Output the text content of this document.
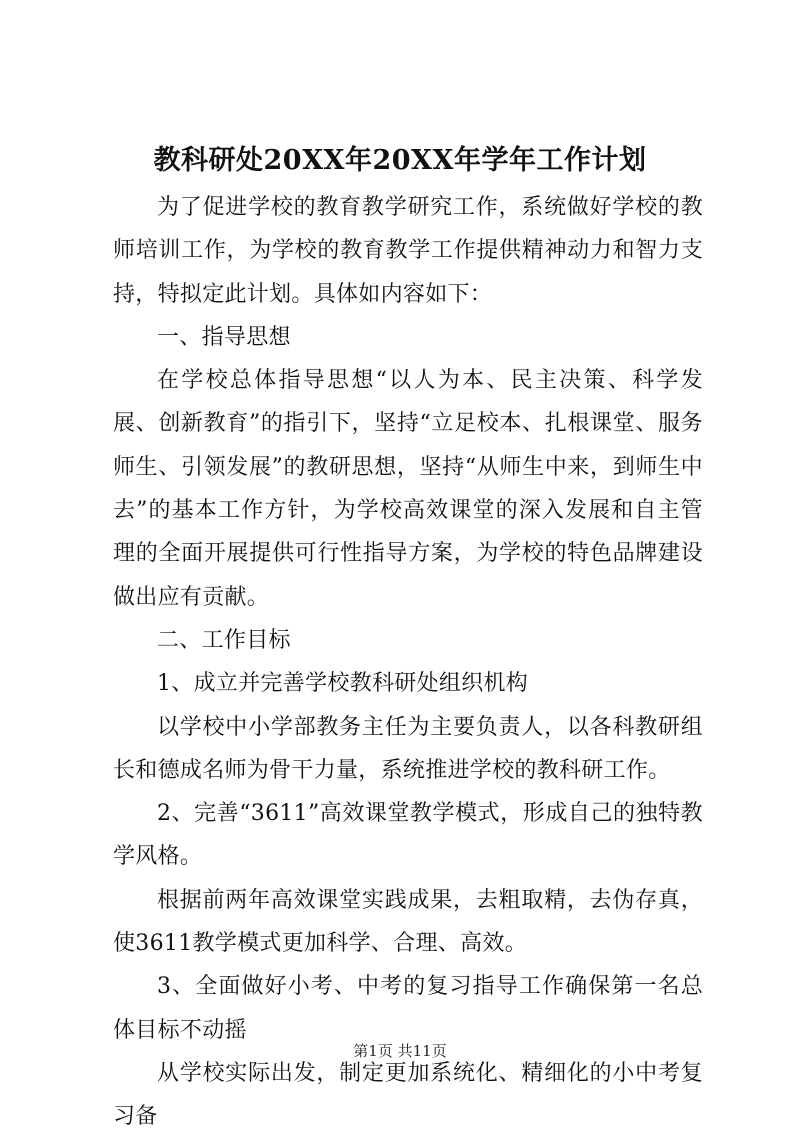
教科研处20XX年20XX年学年工作计划

为了促进学校的教育教学研究工作，系统做好学校的教师培训工作，为学校的教育教学工作提供精神动力和智力支持，特拟定此计划。具体如内容如下：

一、指导思想

在学校总体指导思想“以人为本、民主决策、科学发展、创新教育”的指引下，坚持“立足校本、扎根课堂、服务师生、引领发展”的教研思想，坚持“从师生中来，到师生中去”的基本工作方针，为学校高效课堂的深入发展和自主管理的全面开展提供可行性指导方案，为学校的特色品牌建设做出应有贡献。

二、工作目标

1、成立并完善学校教科研处组织机构

以学校中小学部教务主任为主要负责人，以各科教研组长和德成名师为骨干力量，系统推进学校的教科研工作。

2、完善“3611”高效课堂教学模式，形成自己的独特教学风格。

根据前两年高效课堂实践成果，去粗取精，去伪存真，使3611教学模式更加科学、合理、高效。

3、全面做好小考、中考的复习指导工作确保第一名总体目标不动摇

从学校实际出发，制定更加系统化、精细化的小中考复习备

第1页 共11页
